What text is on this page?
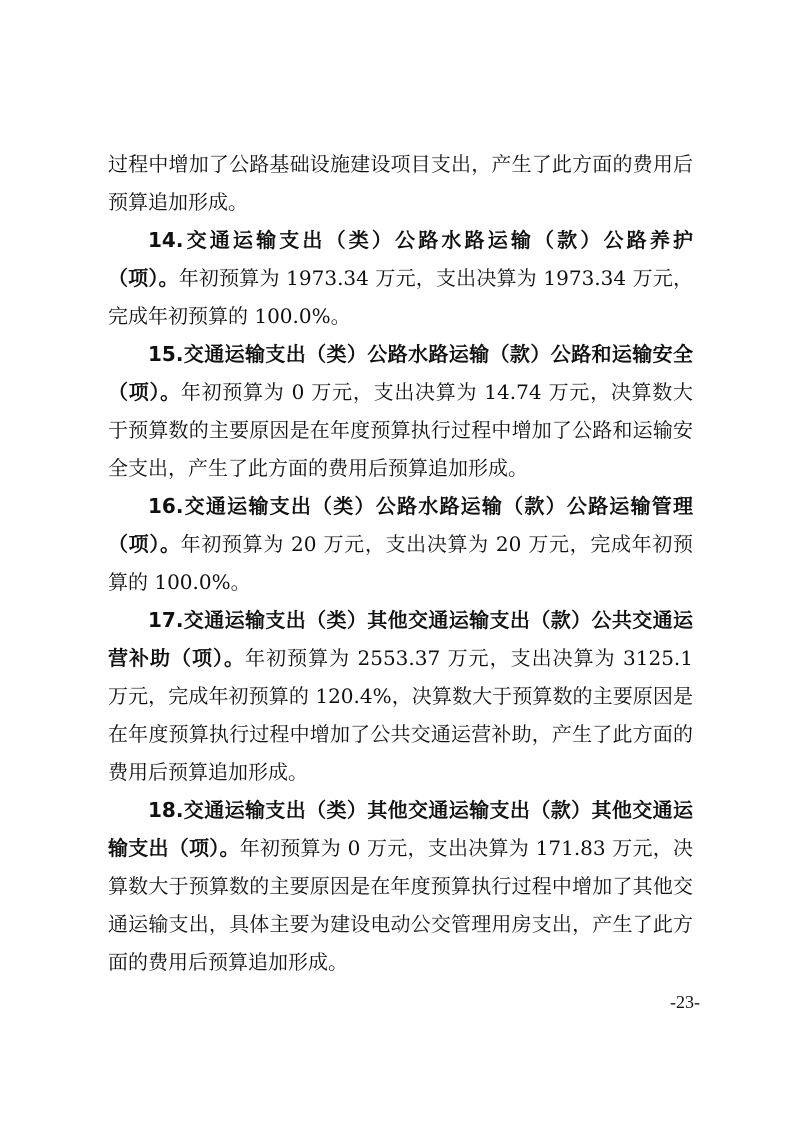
过程中增加了公路基础设施建设项目支出，产生了此方面的费用后预算追加形成。

14.交通运输支出（类）公路水路运输（款）公路养护（项）。年初预算为 1973.34 万元，支出决算为 1973.34 万元，完成年初预算的 100.0%。

15.交通运输支出（类）公路水路运输（款）公路和运输安全（项）。年初预算为 0 万元，支出决算为 14.74 万元，决算数大于预算数的主要原因是在年度预算执行过程中增加了公路和运输安全支出，产生了此方面的费用后预算追加形成。

16.交通运输支出（类）公路水路运输（款）公路运输管理（项）。年初预算为 20 万元，支出决算为 20 万元，完成年初预算的 100.0%。

17.交通运输支出（类）其他交通运输支出（款）公共交通运营补助（项）。年初预算为 2553.37 万元，支出决算为 3125.1 万元，完成年初预算的 120.4%，决算数大于预算数的主要原因是在年度预算执行过程中增加了公共交通运营补助，产生了此方面的费用后预算追加形成。

18.交通运输支出（类）其他交通运输支出（款）其他交通运输支出（项）。年初预算为 0 万元，支出决算为 171.83 万元，决算数大于预算数的主要原因是在年度预算执行过程中增加了其他交通运输支出，具体主要为建设电动公交管理用房支出，产生了此方面的费用后预算追加形成。

-23-
